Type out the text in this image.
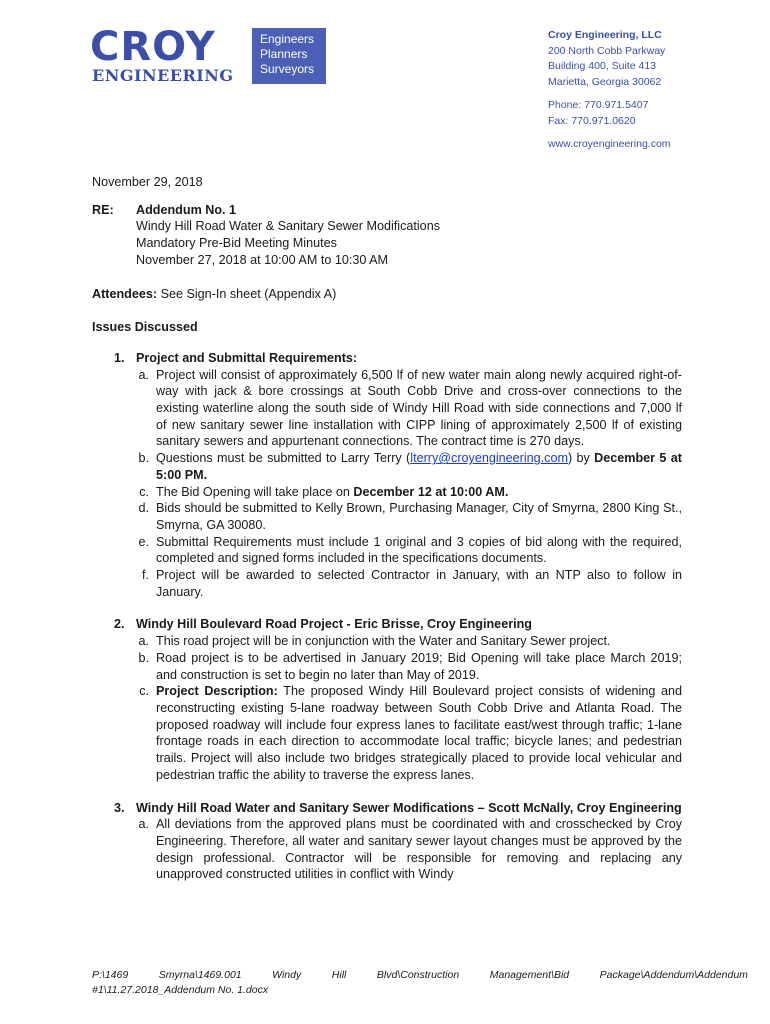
CROY
ENGINEERING
Engineers
Planners
Surveyors
Croy Engineering, LLC
200 North Cobb Parkway
Building 400, Suite 413
Marietta, Georgia 30062
Phone: 770.971.5407
Fax: 770.971.0620
www.croyengineering.com
November 29, 2018
RE:	Addendum No. 1
Windy Hill Road Water & Sanitary Sewer Modifications
Mandatory Pre-Bid Meeting Minutes
November 27, 2018 at 10:00 AM to 10:30 AM
Attendees: See Sign-In sheet (Appendix A)
Issues Discussed
1. Project and Submittal Requirements:
a. Project will consist of approximately 6,500 lf of new water main along newly acquired right-of-way with jack & bore crossings at South Cobb Drive and cross-over connections to the existing waterline along the south side of Windy Hill Road with side connections and 7,000 lf of new sanitary sewer line installation with CIPP lining of approximately 2,500 lf of existing sanitary sewers and appurtenant connections. The contract time is 270 days.
b. Questions must be submitted to Larry Terry (lterry@croyengineering.com) by December 5 at 5:00 PM.
c. The Bid Opening will take place on December 12 at 10:00 AM.
d. Bids should be submitted to Kelly Brown, Purchasing Manager, City of Smyrna, 2800 King St., Smyrna, GA 30080.
e. Submittal Requirements must include 1 original and 3 copies of bid along with the required, completed and signed forms included in the specifications documents.
f. Project will be awarded to selected Contractor in January, with an NTP also to follow in January.
2. Windy Hill Boulevard Road Project - Eric Brisse, Croy Engineering
a. This road project will be in conjunction with the Water and Sanitary Sewer project.
b. Road project is to be advertised in January 2019; Bid Opening will take place March 2019; and construction is set to begin no later than May of 2019.
c. Project Description: The proposed Windy Hill Boulevard project consists of widening and reconstructing existing 5-lane roadway between South Cobb Drive and Atlanta Road. The proposed roadway will include four express lanes to facilitate east/west through traffic; 1-lane frontage roads in each direction to accommodate local traffic; bicycle lanes; and pedestrian trails. Project will also include two bridges strategically placed to provide local vehicular and pedestrian traffic the ability to traverse the express lanes.
3. Windy Hill Road Water and Sanitary Sewer Modifications – Scott McNally, Croy Engineering
a. All deviations from the approved plans must be coordinated with and crosschecked by Croy Engineering. Therefore, all water and sanitary sewer layout changes must be approved by the design professional. Contractor will be responsible for removing and replacing any unapproved constructed utilities in conflict with Windy
P:\1469	Smyrna\1469.001	Windy	Hill	Blvd\Construction	Management\Bid	Package\Addendum\Addendum
#1\11.27.2018_Addendum No. 1.docx
